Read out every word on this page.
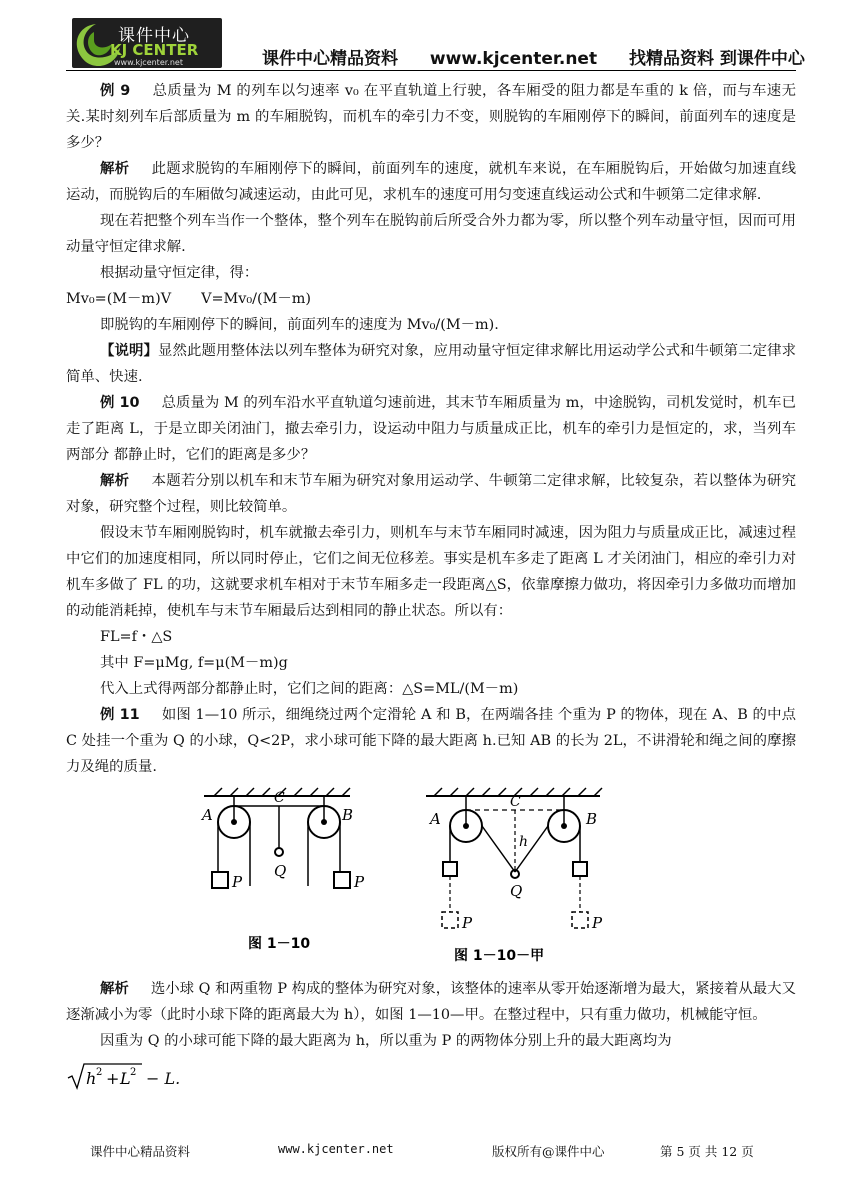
课件中心
KJ CENTER
www.kjcenter.net	课件中心精品资料 www.kjcenter.net 找精品资料 到课件中心

例 9 总质量为 M 的列车以匀速率 v₀ 在平直轨道上行驶，各车厢受的阻力都是车重的 k 倍，而与车速无关.某时刻列车后部质量为 m 的车厢脱钩，而机车的牵引力不变，则脱钩的车厢刚停下的瞬间，前面列车的速度是多少？

解析 此题求脱钩的车厢刚停下的瞬间，前面列车的速度，就机车来说，在车厢脱钩后，开始做匀加速直线运动，而脱钩后的车厢做匀减速运动，由此可见，求机车的速度可用匀变速直线运动公式和牛顿第二定律求解.

现在若把整个列车当作一个整体，整个列车在脱钩前后所受合外力都为零，所以整个列车动量守恒，因而可用动量守恒定律求解.

根据动量守恒定律，得：

Mv₀=(M－m)V V=Mv₀/(M－m)

即脱钩的车厢刚停下的瞬间，前面列车的速度为 Mv₀/(M－m).

【说明】显然此题用整体法以列车整体为研究对象，应用动量守恒定律求解比用运动学公式和牛顿第二定律求简单、快速.

例 10 总质量为 M 的列车沿水平直轨道匀速前进，其末节车厢质量为 m，中途脱钩，司机发觉时，机车已走了距离 L，于是立即关闭油门，撤去牵引力，设运动中阻力与质量成正比，机车的牵引力是恒定的，求，当列车两部分 都静止时，它们的距离是多少？

解析 本题若分别以机车和末节车厢为研究对象用运动学、牛顿第二定律求解，比较复杂，若以整体为研究对象，研究整个过程，则比较简单。

假设末节车厢刚脱钩时，机车就撤去牵引力，则机车与末节车厢同时减速，因为阻力与质量成正比，减速过程中它们的加速度相同，所以同时停止，它们之间无位移差。事实是机车多走了距离 L 才关闭油门，相应的牵引力对机车多做了 FL 的功，这就要求机车相对于末节车厢多走一段距离△S，依靠摩擦力做功，将因牵引力多做功而增加的动能消耗掉，使机车与末节车厢最后达到相同的静止状态。所以有：

FL=f・△S

其中 F=μMg, f=μ(M－m)g

代入上式得两部分都静止时，它们之间的距离：△S=ML/(M－m)

例 11 如图 1—10 所示，细绳绕过两个定滑轮 A 和 B，在两端各挂 个重为 P 的物体，现在 A、B 的中点 C 处挂一个重为 Q 的小球，Q<2P，求小球可能下降的最大距离 h.已知 AB 的长为 2L，不讲滑轮和绳之间的摩擦力及绳的质量.

A	B
C
Q
P	P
图 1－10
A	B
C
h
Q
P	P
图 1－10－甲

解析 选小球 Q 和两重物 P 构成的整体为研究对象，该整体的速率从零开始逐渐增为最大，紧接着从最大又逐渐减小为零（此时小球下降的距离最大为 h），如图 1—10—甲。在整过程中，只有重力做功，机械能守恒。

因重为 Q 的小球可能下降的最大距离为 h，所以重为 P 的两物体分别上升的最大距离均为

h 2 + L 2 − L.
课件中心精品资料	www.kjcenter.net	版权所有@课件中心	第 5 页 共 12 页
